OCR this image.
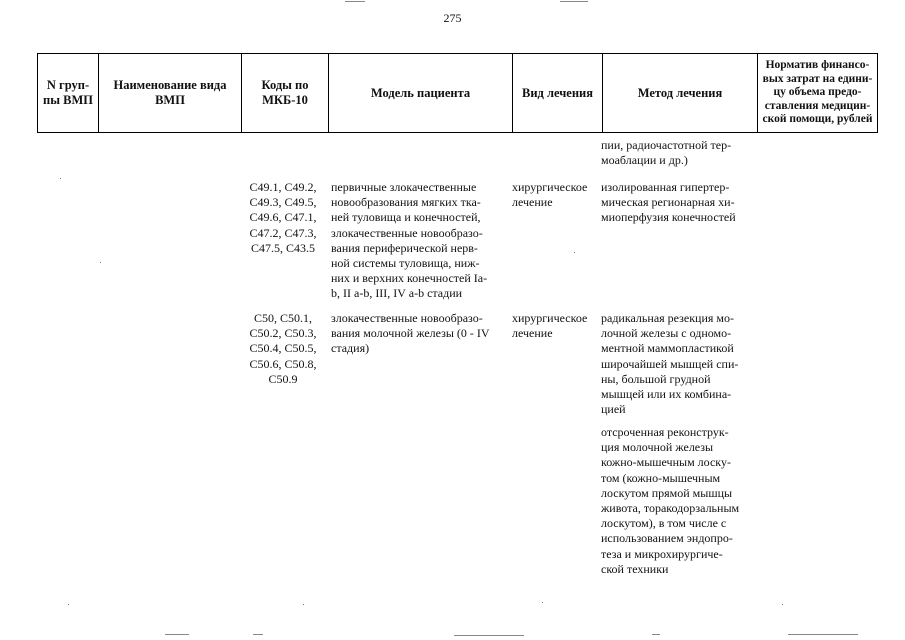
275
N груп-
пы ВМП
Наименование вида
ВМП
Коды по
МКБ-10
Модель пациента	Вид лечения	Метод лечения
Норматив финансо-
вых затрат на едини-
цу объема предо-
ставления медицин-
ской помощи, рублей
пии, радиочастотной тер-
моаблации и др.)
C49.1, C49.2,
C49.3, C49.5,
C49.6, C47.1,
C47.2, C47.3,
C47.5, C43.5
первичные злокачественные
новообразования мягких тка-
ней туловища и конечностей,
злокачественные новообразо-
вания периферической нерв-
ной системы туловища, ниж-
них и верхних конечностей Ia-
b, II a-b, III, IV a-b стадии
хирургическое
лечение
изолированная гипертер-
мическая регионарная хи-
миоперфузия конечностей
C50, C50.1,
C50.2, C50.3,
C50.4, C50.5,
C50.6, C50.8,
C50.9
злокачественные новообразо-
вания молочной железы (0 - IV
стадия)
хирургическое
лечение
радикальная резекция мо-
лочной железы с одномо-
ментной маммопластикой
широчайшей мышцей спи-
ны, большой грудной
мышцей или их комбина-
цией
отсроченная реконструк-
ция молочной железы
кожно-мышечным лоску-
том (кожно-мышечным
лоскутом прямой мышцы
живота, торакодорзальным
лоскутом), в том числе с
использованием эндопро-
теза и микрохирургиче-
ской техники
